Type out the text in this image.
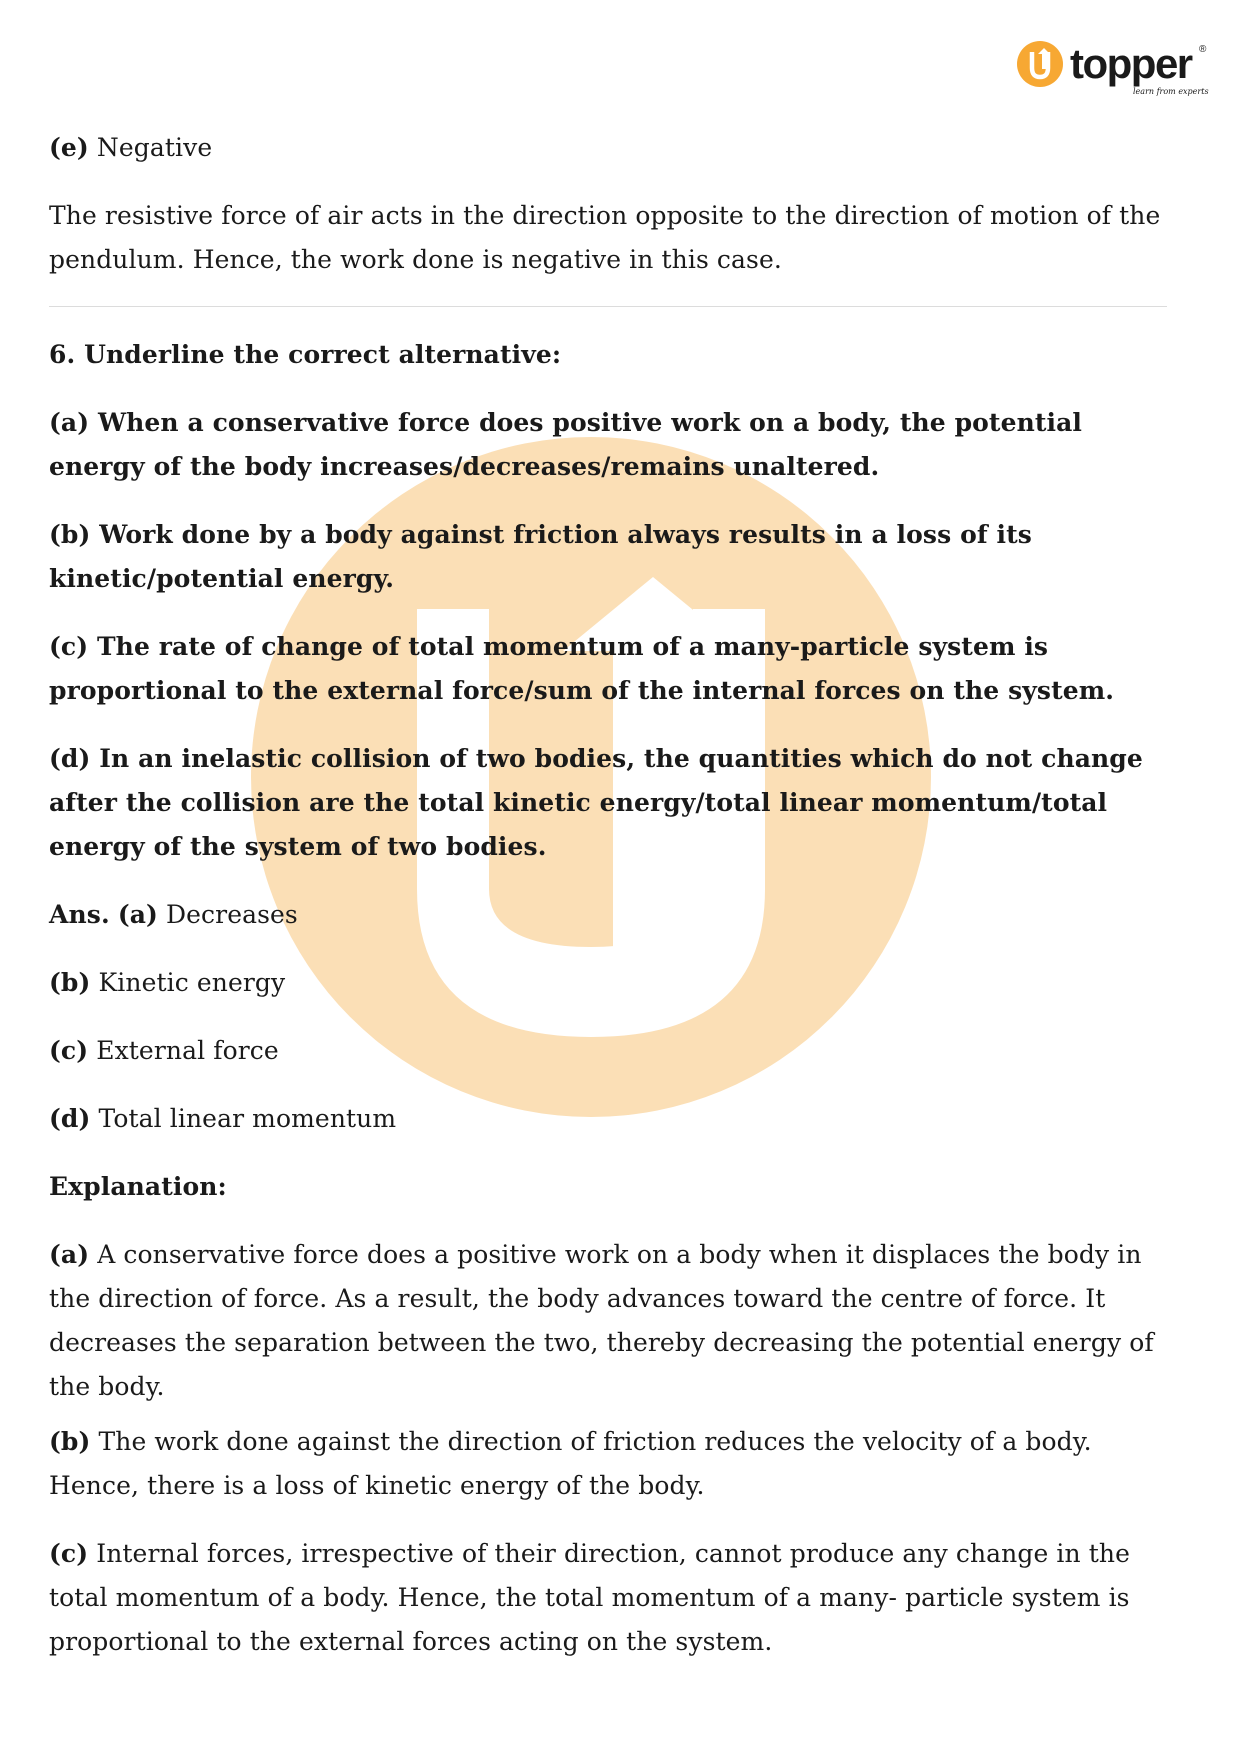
topper ®
learn from experts

(e) Negative

The resistive force of air acts in the direction opposite to the direction of motion of the pendulum. Hence, the work done is negative in this case.

6. Underline the correct alternative:

(a) When a conservative force does positive work on a body, the potential energy of the body increases/decreases/remains unaltered.

(b) Work done by a body against friction always results in a loss of its kinetic/potential energy.

(c) The rate of change of total momentum of a many-particle system is proportional to the external force/sum of the internal forces on the system.

(d) In an inelastic collision of two bodies, the quantities which do not change after the collision are the total kinetic energy/total linear momentum/total energy of the system of two bodies.

Ans. (a) Decreases

(b) Kinetic energy

(c) External force

(d) Total linear momentum

Explanation:

(a) A conservative force does a positive work on a body when it displaces the body in the direction of force. As a result, the body advances toward the centre of force. It decreases the separation between the two, thereby decreasing the potential energy of the body.

(b) The work done against the direction of friction reduces the velocity of a body. Hence, there is a loss of kinetic energy of the body.

(c) Internal forces, irrespective of their direction, cannot produce any change in the total momentum of a body. Hence, the total momentum of a many- particle system is proportional to the external forces acting on the system.
